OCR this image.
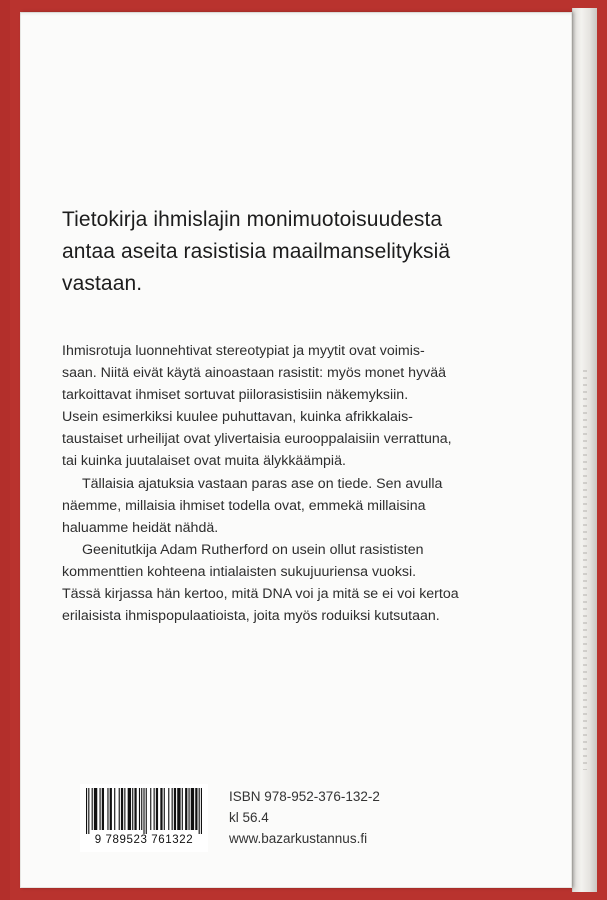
Tietokirja ihmislajin monimuotoisuudesta
antaa aseita rasistisia maailmanselityksiä
vastaan.
Ihmisrotuja luonnehtivat stereotypiat ja myytit ovat voimis-
saan. Niitä eivät käytä ainoastaan rasistit: myös monet hyvää
tarkoittavat ihmiset sortuvat piilorasistisiin näkemyksiin.
Usein esimerkiksi kuulee puhuttavan, kuinka afrikkalais-
taustaiset urheilijat ovat ylivertaisia eurooppalaisiin verrattuna,
tai kuinka juutalaiset ovat muita älykkäämpiä.
Tällaisia ajatuksia vastaan paras ase on tiede. Sen avulla
näemme, millaisia ihmiset todella ovat, emmekä millaisina
haluamme heidät nähdä.
Geenitutkija Adam Rutherford on usein ollut rasististen
kommenttien kohteena intialaisten sukujuuriensa vuoksi.
Tässä kirjassa hän kertoo, mitä DNA voi ja mitä se ei voi kertoa
erilaisista ihmispopulaatioista, joita myös roduiksi kutsutaan.
9 789523 761322
ISBN 978-952-376-132-2
kl 56.4
www.bazarkustannus.fi
